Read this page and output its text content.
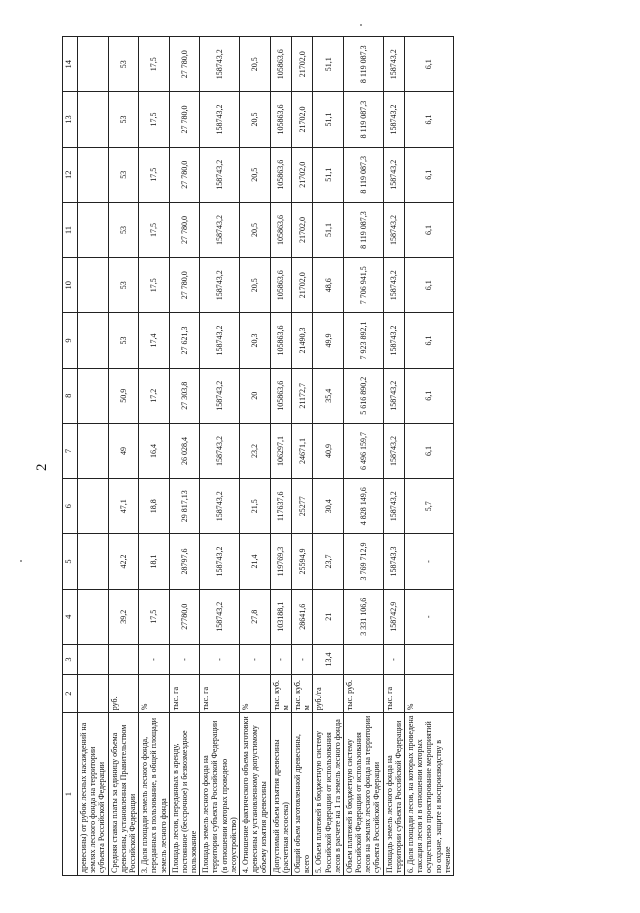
2
1	2	3	4	5	6	7	8	9	10	11	12	13	14
древесины) от рубок лесных насаждений на землях лесного фонда на территории субъекта Российской Федерации													
Средняя ставка платы за единицу объема древесины, установленная Правительством Российской Федерации	руб.		39,2	42,2	47,1	49	50,9	53	53	53	53	53	53
3. Доля площади земель лесного фонда, переданных в пользование, в общей площади земель лесного фонда	%	-	17,5	18,1	18,8	16,4	17,2	17,4	17,5	17,5	17,5	17,5	17,5
Площадь лесов, переданных в аренду, постоянное (бессрочное) и безвозмездное пользование	тыс. га	-	27780,0	28797,6	29 817,13	26 028,4	27 303,8	27 621,3	27 780,0	27 780,0	27 780,0	27 780,0	27 780,0
Площадь земель лесного фонда на территории субъекта Российской Федерации (в отношении которых проведено лесоустройство)	тыс. га	-	158743,2	158743,2	158743,2	158743,2	158743,2	158743,2	158743,2	158743,2	158743,2	158743,2	158743,2
4. Отношение фактического объема заготовки древесины к установленному допустимому объему изъятия древесины	%	-	27,8	21,4	21,5	23,2	20	20,3	20,5	20,5	20,5	20,5	20,5
Допустимый объем изъятия древесины (расчетная лесосека)	тыс. куб. м	-	103188,1	119769,3	117637,6	106297,1	105863,6	105863,6	105863,6	105863,6	105863,6	105863,6	105863,6
Общий объем заготовленной древесины, всего	тыс. куб. м	-	28641,6	25594,9	25277	24671,1	21172,7	21490,3	21702,0	21702,0	21702,0	21702,0	21702,0
5. Объем платежей в бюджетную систему Российской Федерации от использования лесов в расчете на 1 га земель лесного фонда	руб./га	13,4	21	23,7	30,4	40,9	35,4	49,9	48,6	51,1	51,1	51,1	51,1
Объем платежей в бюджетную систему Российской Федерации от использования лесов на землях лесного фонда на территории субъекта Российской Федерации	тыс. руб.		3 331 106,6	3 769 712,9	4 828 149,6	6 496 159,7	5 616 890,2	7 923 892,1	7 706 941,5	8 119 087,3	8 119 087,3	8 119 087,3	8 119 087,3
Площадь земель лесного фонда на территории субъекта Российской Федерации	тыс. га	-	158742,9	158743,3	158743,2	158743,2	158743,2	158743,2	158743,2	158743,2	158743,2	158743,2	158743,2
6. Доля площади лесов, на которых проведена таксация лесов и в отношении которых осуществлено проектирование мероприятий по охране, защите и воспроизводству в течение	%		-	-	5,7	6,1	6,1	6,1	6,1	6,1	6,1	6,1	6,1
